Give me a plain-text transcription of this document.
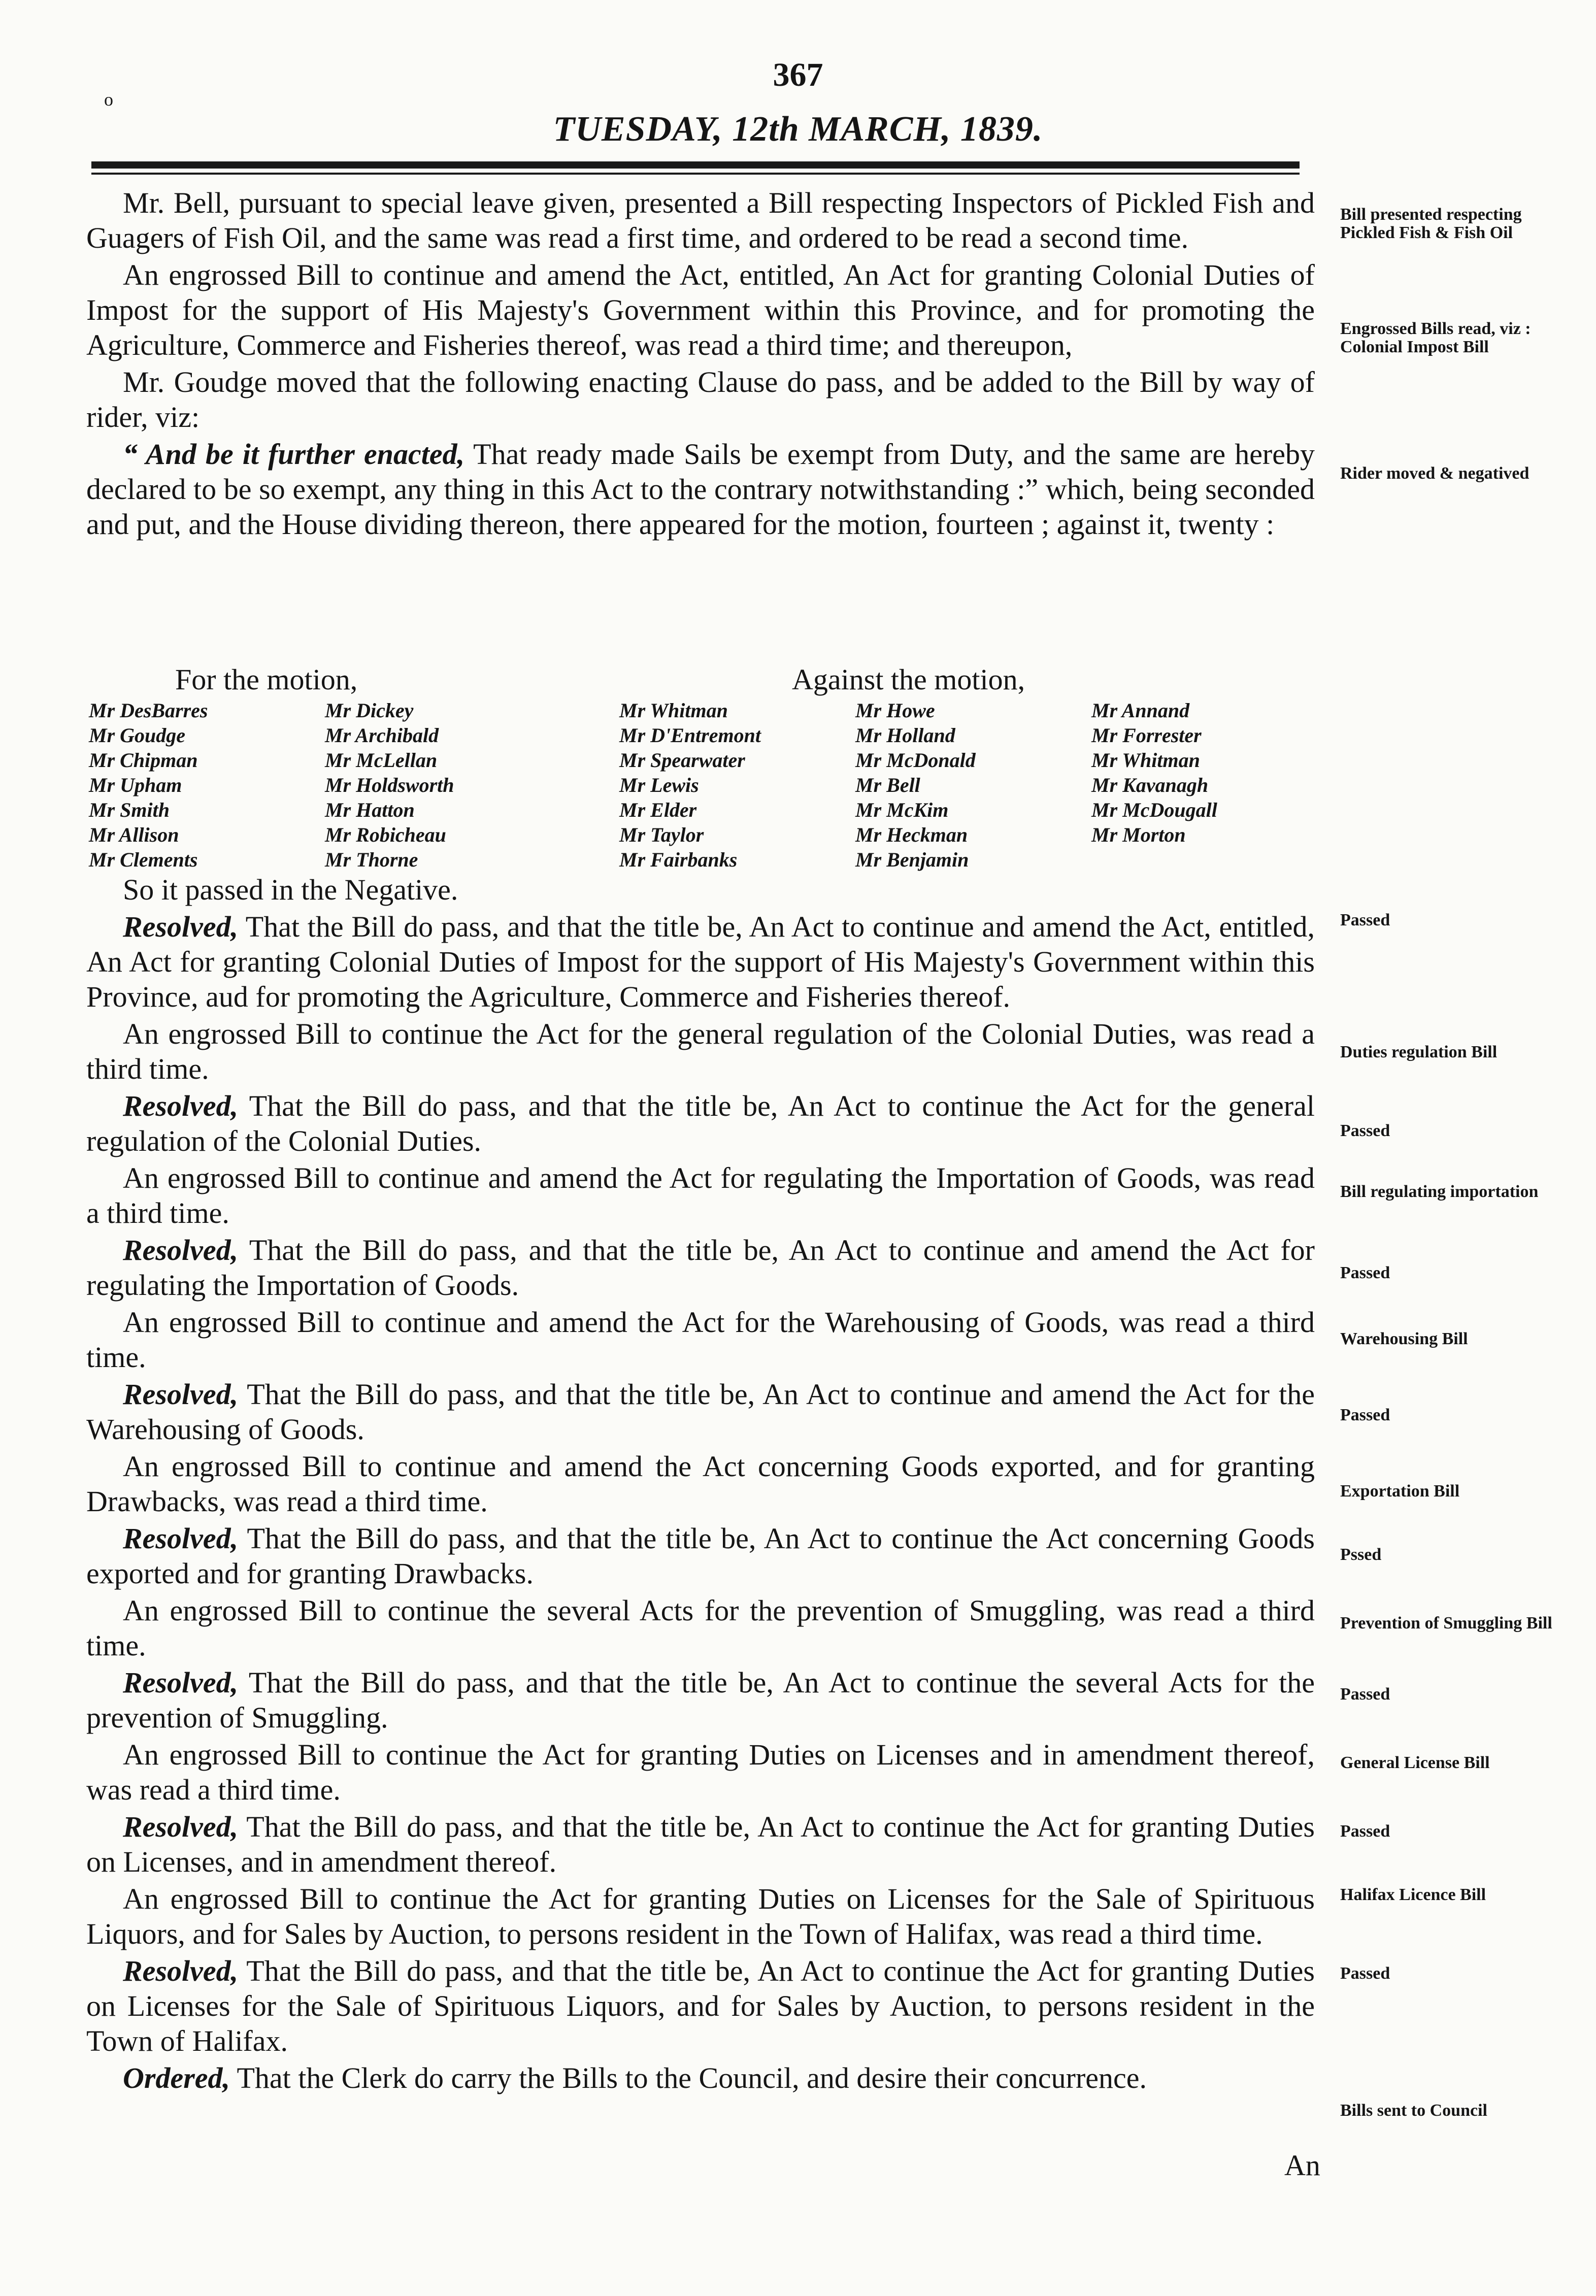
o
367
TUESDAY, 12th MARCH, 1839.

Mr. Bell, pursuant to special leave given, presented a Bill respecting Inspectors of Pickled Fish and Guagers of Fish Oil, and the same was read a first time, and ordered to be read a second time.

An engrossed Bill to continue and amend the Act, entitled, An Act for granting Colonial Duties of Impost for the support of His Majesty's Government within this Province, and for promoting the Agriculture, Commerce and Fisheries thereof, was read a third time; and thereupon,

Mr. Goudge moved that the following enacting Clause do pass, and be added to the Bill by way of rider, viz:

“ And be it further enacted, That ready made Sails be exempt from Duty, and the same are hereby declared to be so exempt, any thing in this Act to the contrary notwithstanding :” which, being seconded and put, and the House dividing thereon, there appeared for the motion, fourteen ; against it, twenty :

For the motion,	Against the motion,
Mr DesBarres
Mr Goudge
Mr Chipman
Mr Upham
Mr Smith
Mr Allison
Mr Clements
Mr Dickey
Mr Archibald
Mr McLellan
Mr Holdsworth
Mr Hatton
Mr Robicheau
Mr Thorne
Mr Whitman
Mr D'Entremont
Mr Spearwater
Mr Lewis
Mr Elder
Mr Taylor
Mr Fairbanks
Mr Howe
Mr Holland
Mr McDonald
Mr Bell
Mr McKim
Mr Heckman
Mr Benjamin
Mr Annand
Mr Forrester
Mr Whitman
Mr Kavanagh
Mr McDougall
Mr Morton

So it passed in the Negative.

Resolved, That the Bill do pass, and that the title be, An Act to continue and amend the Act, entitled, An Act for granting Colonial Duties of Impost for the support of His Majesty's Government within this Province, aud for promoting the Agriculture, Commerce and Fisheries thereof.

An engrossed Bill to continue the Act for the general regulation of the Colonial Duties, was read a third time.

Resolved, That the Bill do pass, and that the title be, An Act to continue the Act for the general regulation of the Colonial Duties.

An engrossed Bill to continue and amend the Act for regulating the Importation of Goods, was read a third time.

Resolved, That the Bill do pass, and that the title be, An Act to continue and amend the Act for regulating the Importation of Goods.

An engrossed Bill to continue and amend the Act for the Warehousing of Goods, was read a third time.

Resolved, That the Bill do pass, and that the title be, An Act to continue and amend the Act for the Warehousing of Goods.

An engrossed Bill to continue and amend the Act concerning Goods exported, and for granting Drawbacks, was read a third time.

Resolved, That the Bill do pass, and that the title be, An Act to continue the Act concerning Goods exported and for granting Drawbacks.

An engrossed Bill to continue the several Acts for the prevention of Smuggling, was read a third time.

Resolved, That the Bill do pass, and that the title be, An Act to continue the several Acts for the prevention of Smuggling.

An engrossed Bill to continue the Act for granting Duties on Licenses and in amendment thereof, was read a third time.

Resolved, That the Bill do pass, and that the title be, An Act to continue the Act for granting Duties on Licenses, and in amendment thereof.

An engrossed Bill to continue the Act for granting Duties on Licenses for the Sale of Spirituous Liquors, and for Sales by Auction, to persons resident in the Town of Halifax, was read a third time.

Resolved, That the Bill do pass, and that the title be, An Act to continue the Act for granting Duties on Licenses for the Sale of Spirituous Liquors, and for Sales by Auction, to persons resident in the Town of Halifax.

Ordered, That the Clerk do carry the Bills to the Council, and desire their concurrence.

Bill presented respecting Pickled Fish & Fish Oil
Engrossed Bills read, viz : Colonial Impost Bill
Rider moved & negatived
Passed
Duties regulation Bill
Passed
Bill regulating importation
Passed
Warehousing Bill
Passed
Exportation Bill
Pssed
Prevention of Smuggling Bill
Passed
General License Bill
Passed
Halifax Licence Bill
Passed
Bills sent to Council
An
